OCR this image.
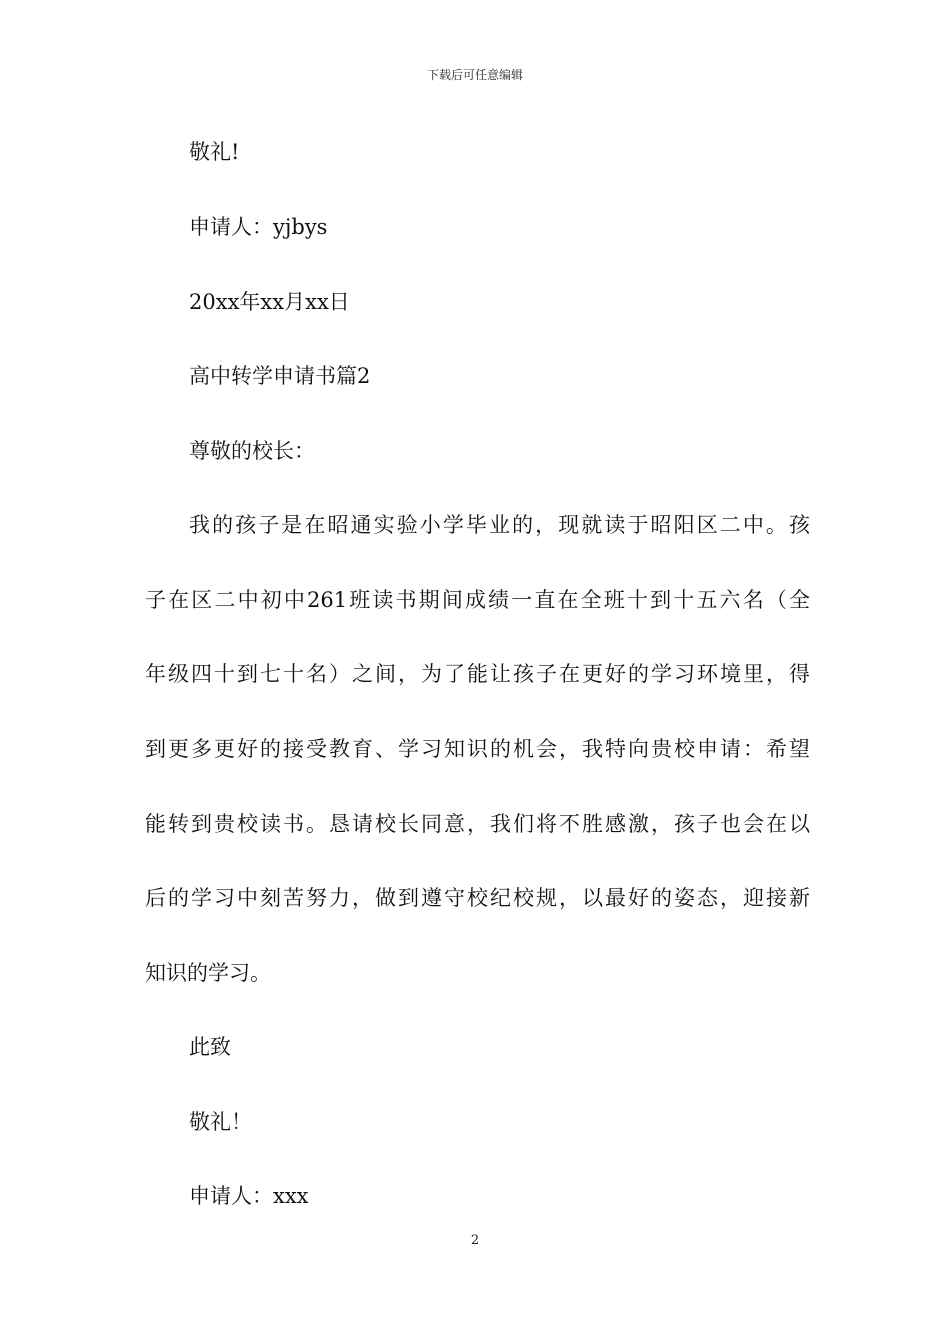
下载后可任意编辑
敬礼!
申请人：yjbys
20xx年xx月xx日
高中转学申请书篇2
尊敬的校长：
我的孩子是在昭通实验小学毕业的，现就读于昭阳区二中。孩
子在区二中初中261班读书期间成绩一直在全班十到十五六名（全
年级四十到七十名）之间，为了能让孩子在更好的学习环境里，得
到更多更好的接受教育、学习知识的机会，我特向贵校申请：希望
能转到贵校读书。恳请校长同意，我们将不胜感激，孩子也会在以
后的学习中刻苦努力，做到遵守校纪校规，以最好的姿态，迎接新
知识的学习。
此致
敬礼！
申请人：xxx
2
